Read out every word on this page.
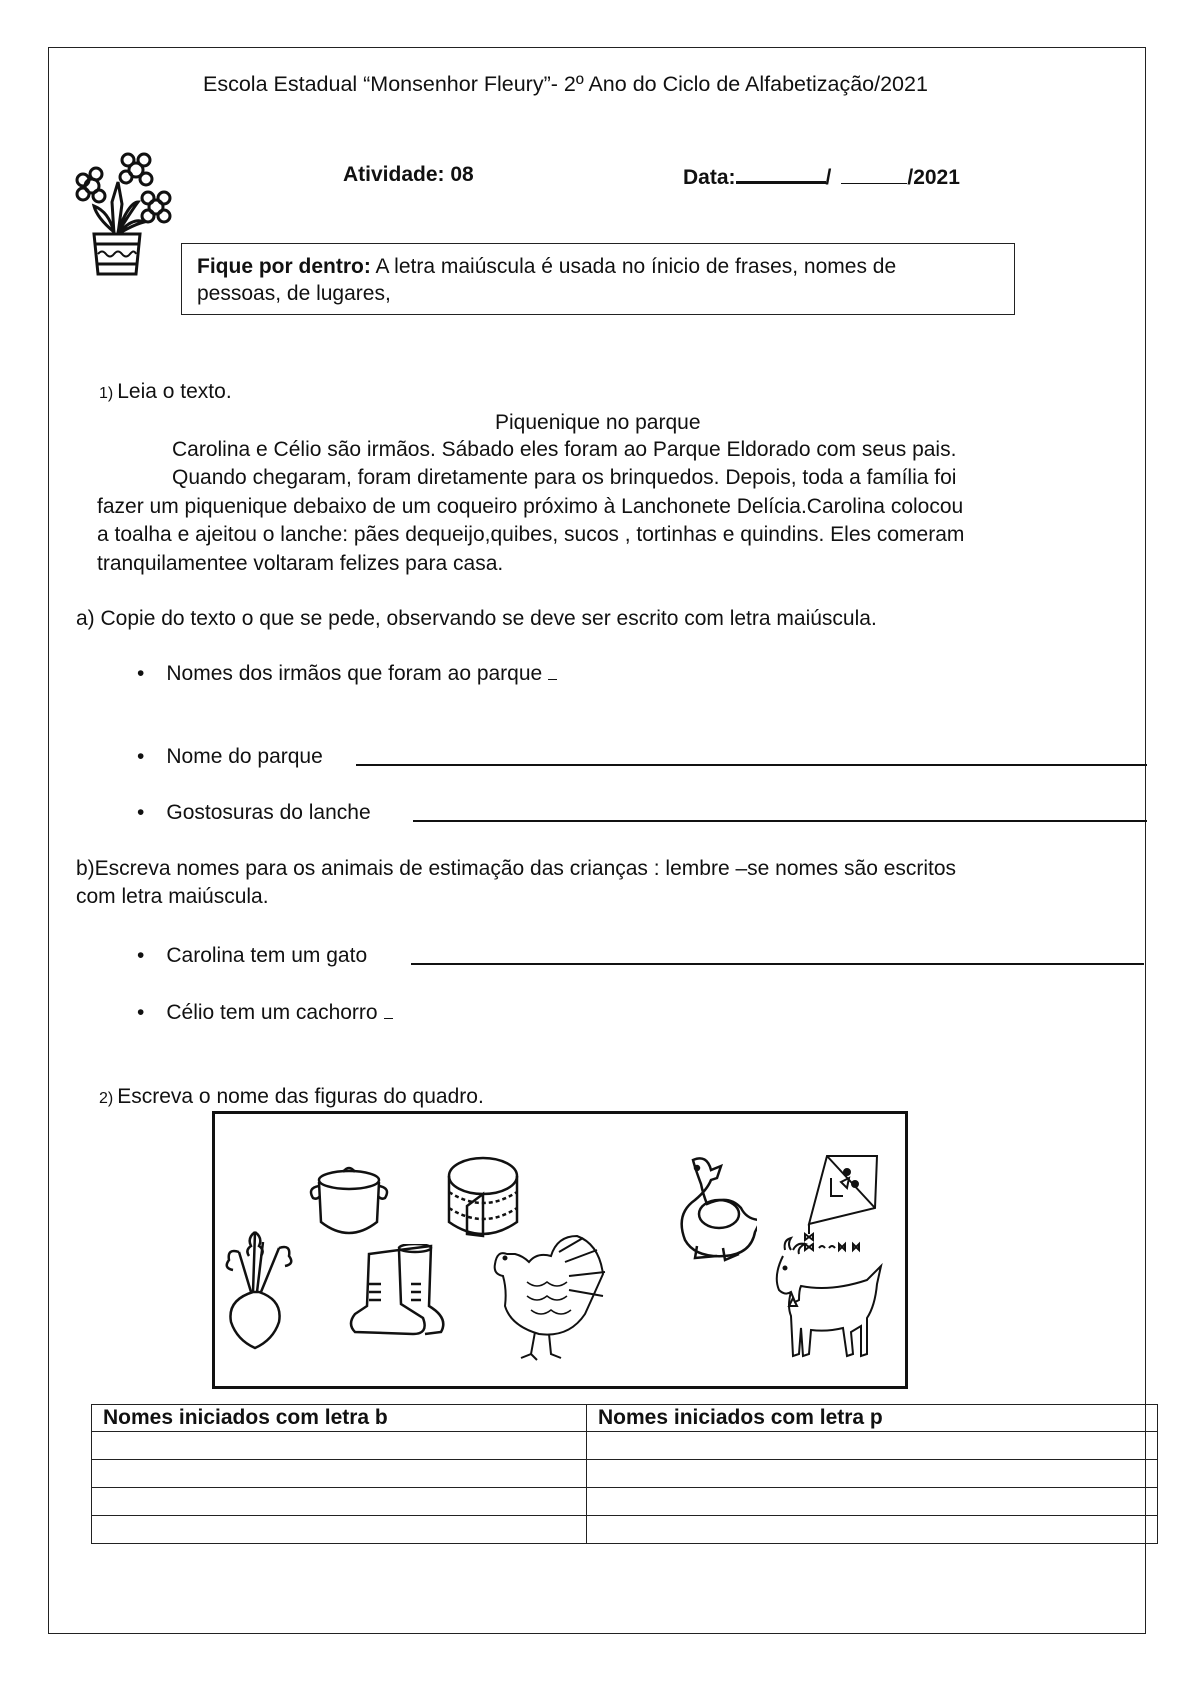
Escola Estadual “Monsenhor Fleury”- 2º Ano do Ciclo de Alfabetização/2021
Atividade: 08	Data:	/	/2021
Fique por dentro: A letra maiúscula é usada no ínicio de frases, nomes de
pessoas, de lugares,
1) Leia o texto.
Piquenique no parque
Carolina e Célio são irmãos. Sábado eles foram ao Parque Eldorado com seus pais.
Quando chegaram, foram diretamente para os brinquedos. Depois, toda a família foi
fazer um piquenique debaixo de um coqueiro próximo à Lanchonete Delícia.Carolina colocou
a toalha e ajeitou o lanche: pães dequeijo,quibes, sucos , tortinhas e quindins. Eles comeram
tranquilamentee voltaram felizes para casa.
a) Copie do texto o que se pede, observando se deve ser escrito com letra maiúscula.
• Nomes dos irmãos que foram ao parque
• Nome do parque
• Gostosuras do lanche
b)Escreva nomes para os animais de estimação das crianças : lembre –se nomes são escritos
com letra maiúscula.
• Carolina tem um gato
• Célio tem um cachorro
2) Escreva o nome das figuras do quadro.
Nomes iniciados com letra b	Nomes iniciados com letra p
